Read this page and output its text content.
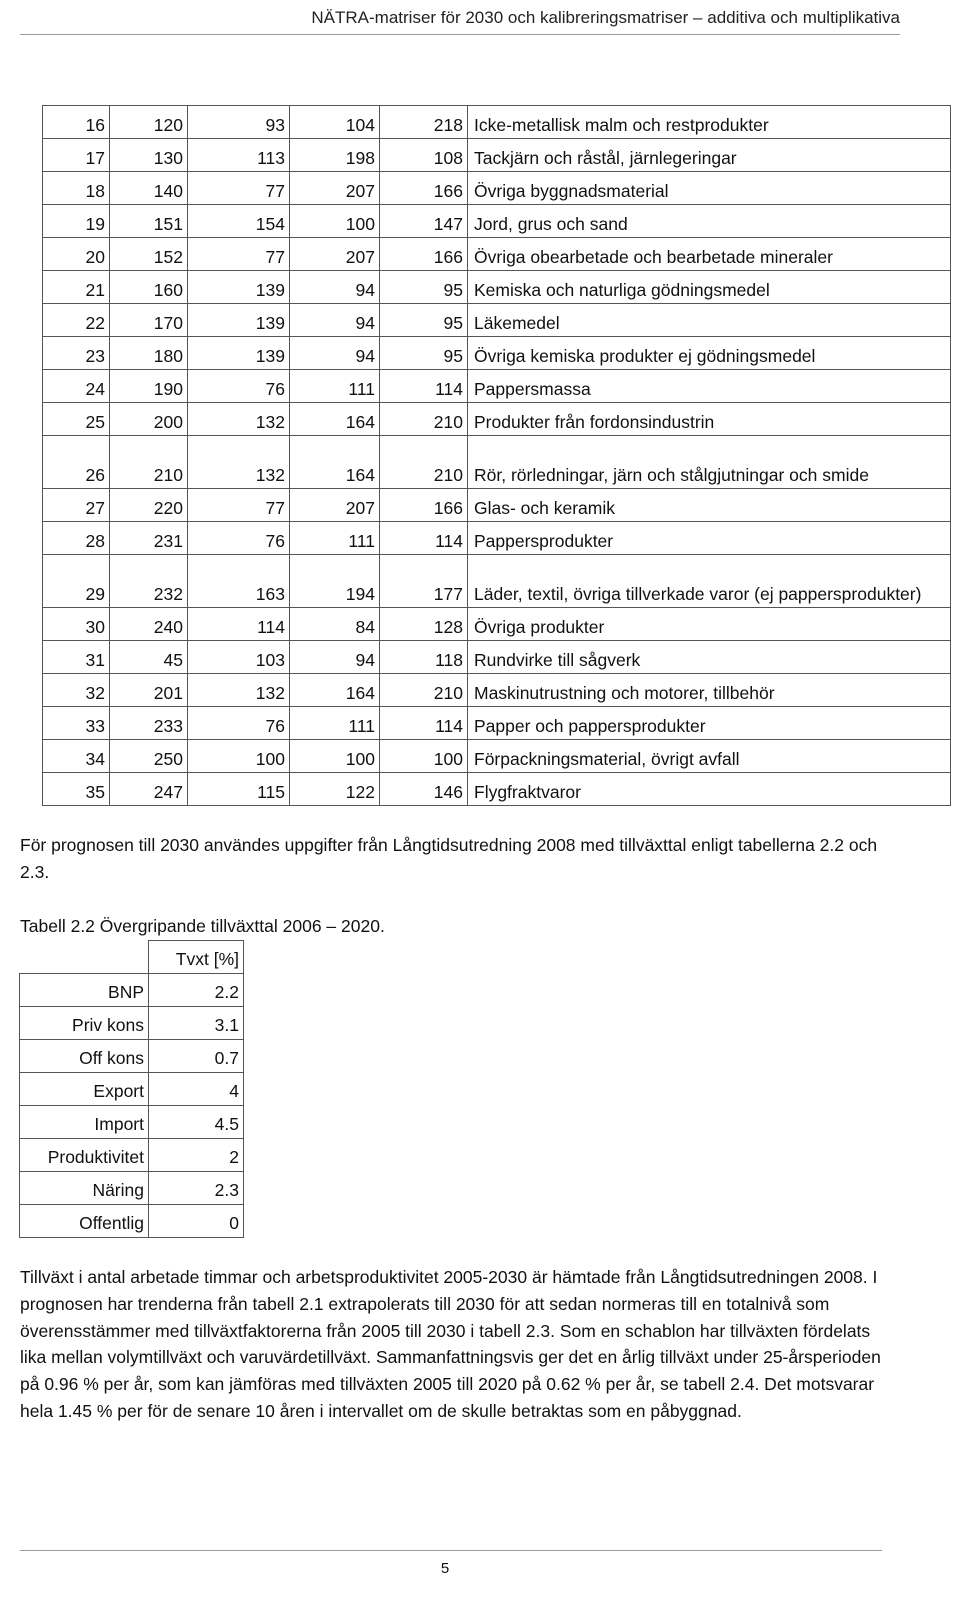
NÄTRA-matriser för 2030 och kalibreringsmatriser – additiva och multiplikativa
16	120	93	104	218	Icke-metallisk malm och restprodukter
17	130	113	198	108	Tackjärn och råstål, järnlegeringar
18	140	77	207	166	Övriga byggnadsmaterial
19	151	154	100	147	Jord, grus och sand
20	152	77	207	166	Övriga obearbetade och bearbetade mineraler
21	160	139	94	95	Kemiska och naturliga gödningsmedel
22	170	139	94	95	Läkemedel
23	180	139	94	95	Övriga kemiska produkter ej gödningsmedel
24	190	76	111	114	Pappersmassa
25	200	132	164	210	Produkter från fordonsindustrin
26	210	132	164	210	Rör, rörledningar, järn och stålgjutningar och smide
27	220	77	207	166	Glas- och keramik
28	231	76	111	114	Pappersprodukter
29	232	163	194	177	Läder, textil, övriga tillverkade varor (ej pappersprodukter)
30	240	114	84	128	Övriga produkter
31	45	103	94	118	Rundvirke till sågverk
32	201	132	164	210	Maskinutrustning och motorer, tillbehör
33	233	76	111	114	Papper och pappersprodukter
34	250	100	100	100	Förpackningsmaterial, övrigt avfall
35	247	115	122	146	Flygfraktvaror

För prognosen till 2030 användes uppgifter från Långtidsutredning 2008 med tillväxttal enligt tabellerna 2.2 och 2.3.

Tabell 2.2 Övergripande tillväxttal 2006 – 2020.

	Tvxt [%]
BNP	2.2
Priv kons	3.1
Off kons	0.7
Export	4
Import	4.5
Produktivitet	2
Näring	2.3
Offentlig	0

Tillväxt i antal arbetade timmar och arbetsproduktivitet 2005-2030 är hämtade från Långtidsutredningen 2008. I prognosen har trenderna från tabell 2.1 extrapolerats till 2030 för att sedan normeras till en totalnivå som överensstämmer med tillväxtfaktorerna från 2005 till 2030 i tabell 2.3. Som en schablon har tillväxten fördelats lika mellan volymtillväxt och varuvärdetillväxt. Sammanfattningsvis ger det en årlig tillväxt under 25-årsperioden på 0.96 % per år, som kan jämföras med tillväxten 2005 till 2020 på 0.62 % per år, se tabell 2.4. Det motsvarar hela 1.45 % per för de senare 10 åren i intervallet om de skulle betraktas som en påbyggnad.

5
